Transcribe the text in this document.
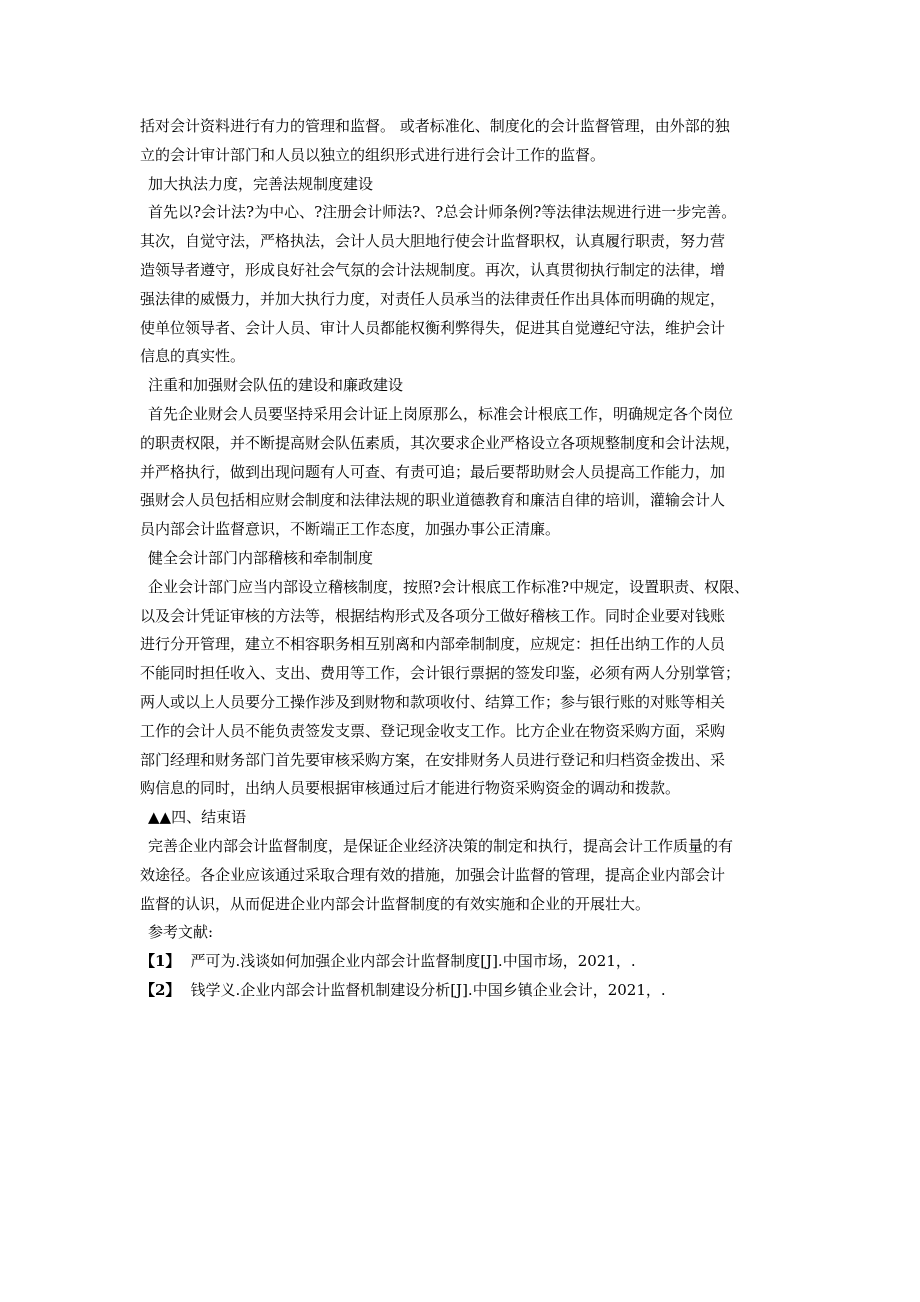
括对会计资料进行有力的管理和监督。 或者标准化、制度化的会计监督管理，由外部的独
立的会计审计部门和人员以独立的组织形式进行进行会计工作的监督。
加大执法力度，完善法规制度建设
首先以?会计法?为中心、?注册会计师法?、?总会计师条例?等法律法规进行进一步完善。
其次，自觉守法，严格执法，会计人员大胆地行使会计监督职权，认真履行职责，努力营
造领导者遵守，形成良好社会气氛的会计法规制度。再次，认真贯彻执行制定的法律，增
强法律的威慑力，并加大执行力度，对责任人员承当的法律责任作出具体而明确的规定，
使单位领导者、会计人员、审计人员都能权衡利弊得失，促进其自觉遵纪守法，维护会计
信息的真实性。
注重和加强财会队伍的建设和廉政建设
首先企业财会人员要坚持采用会计证上岗原那么，标准会计根底工作，明确规定各个岗位
的职责权限，并不断提高财会队伍素质，其次要求企业严格设立各项规整制度和会计法规，
并严格执行，做到出现问题有人可查、有责可追；最后要帮助财会人员提高工作能力，加
强财会人员包括相应财会制度和法律法规的职业道德教育和廉洁自律的培训，灌输会计人
员内部会计监督意识，不断端正工作态度，加强办事公正清廉。
健全会计部门内部稽核和牵制制度
企业会计部门应当内部设立稽核制度，按照?会计根底工作标准?中规定，设置职责、权限、
以及会计凭证审核的方法等，根据结构形式及各项分工做好稽核工作。同时企业要对钱账
进行分开管理，建立不相容职务相互别离和内部牵制制度，应规定：担任出纳工作的人员
不能同时担任收入、支出、费用等工作，会计银行票据的签发印鉴，必须有两人分别掌管；
两人或以上人员要分工操作涉及到财物和款项收付、结算工作；参与银行账的对账等相关
工作的会计人员不能负责签发支票、登记现金收支工作。比方企业在物资采购方面，采购
部门经理和财务部门首先要审核采购方案，在安排财务人员进行登记和归档资金拨出、采
购信息的同时，出纳人员要根据审核通过后才能进行物资采购资金的调动和拨款。
▲▲四、结束语
完善企业内部会计监督制度，是保证企业经济决策的制定和执行，提高会计工作质量的有
效途径。各企业应该通过采取合理有效的措施，加强会计监督的管理，提高企业内部会计
监督的认识，从而促进企业内部会计监督制度的有效实施和企业的开展壮大。
参考文献:
【1】 严可为.浅谈如何加强企业内部会计监督制度[J].中国市场，2021，.
【2】 钱学义.企业内部会计监督机制建设分析[J].中国乡镇企业会计，2021，.
